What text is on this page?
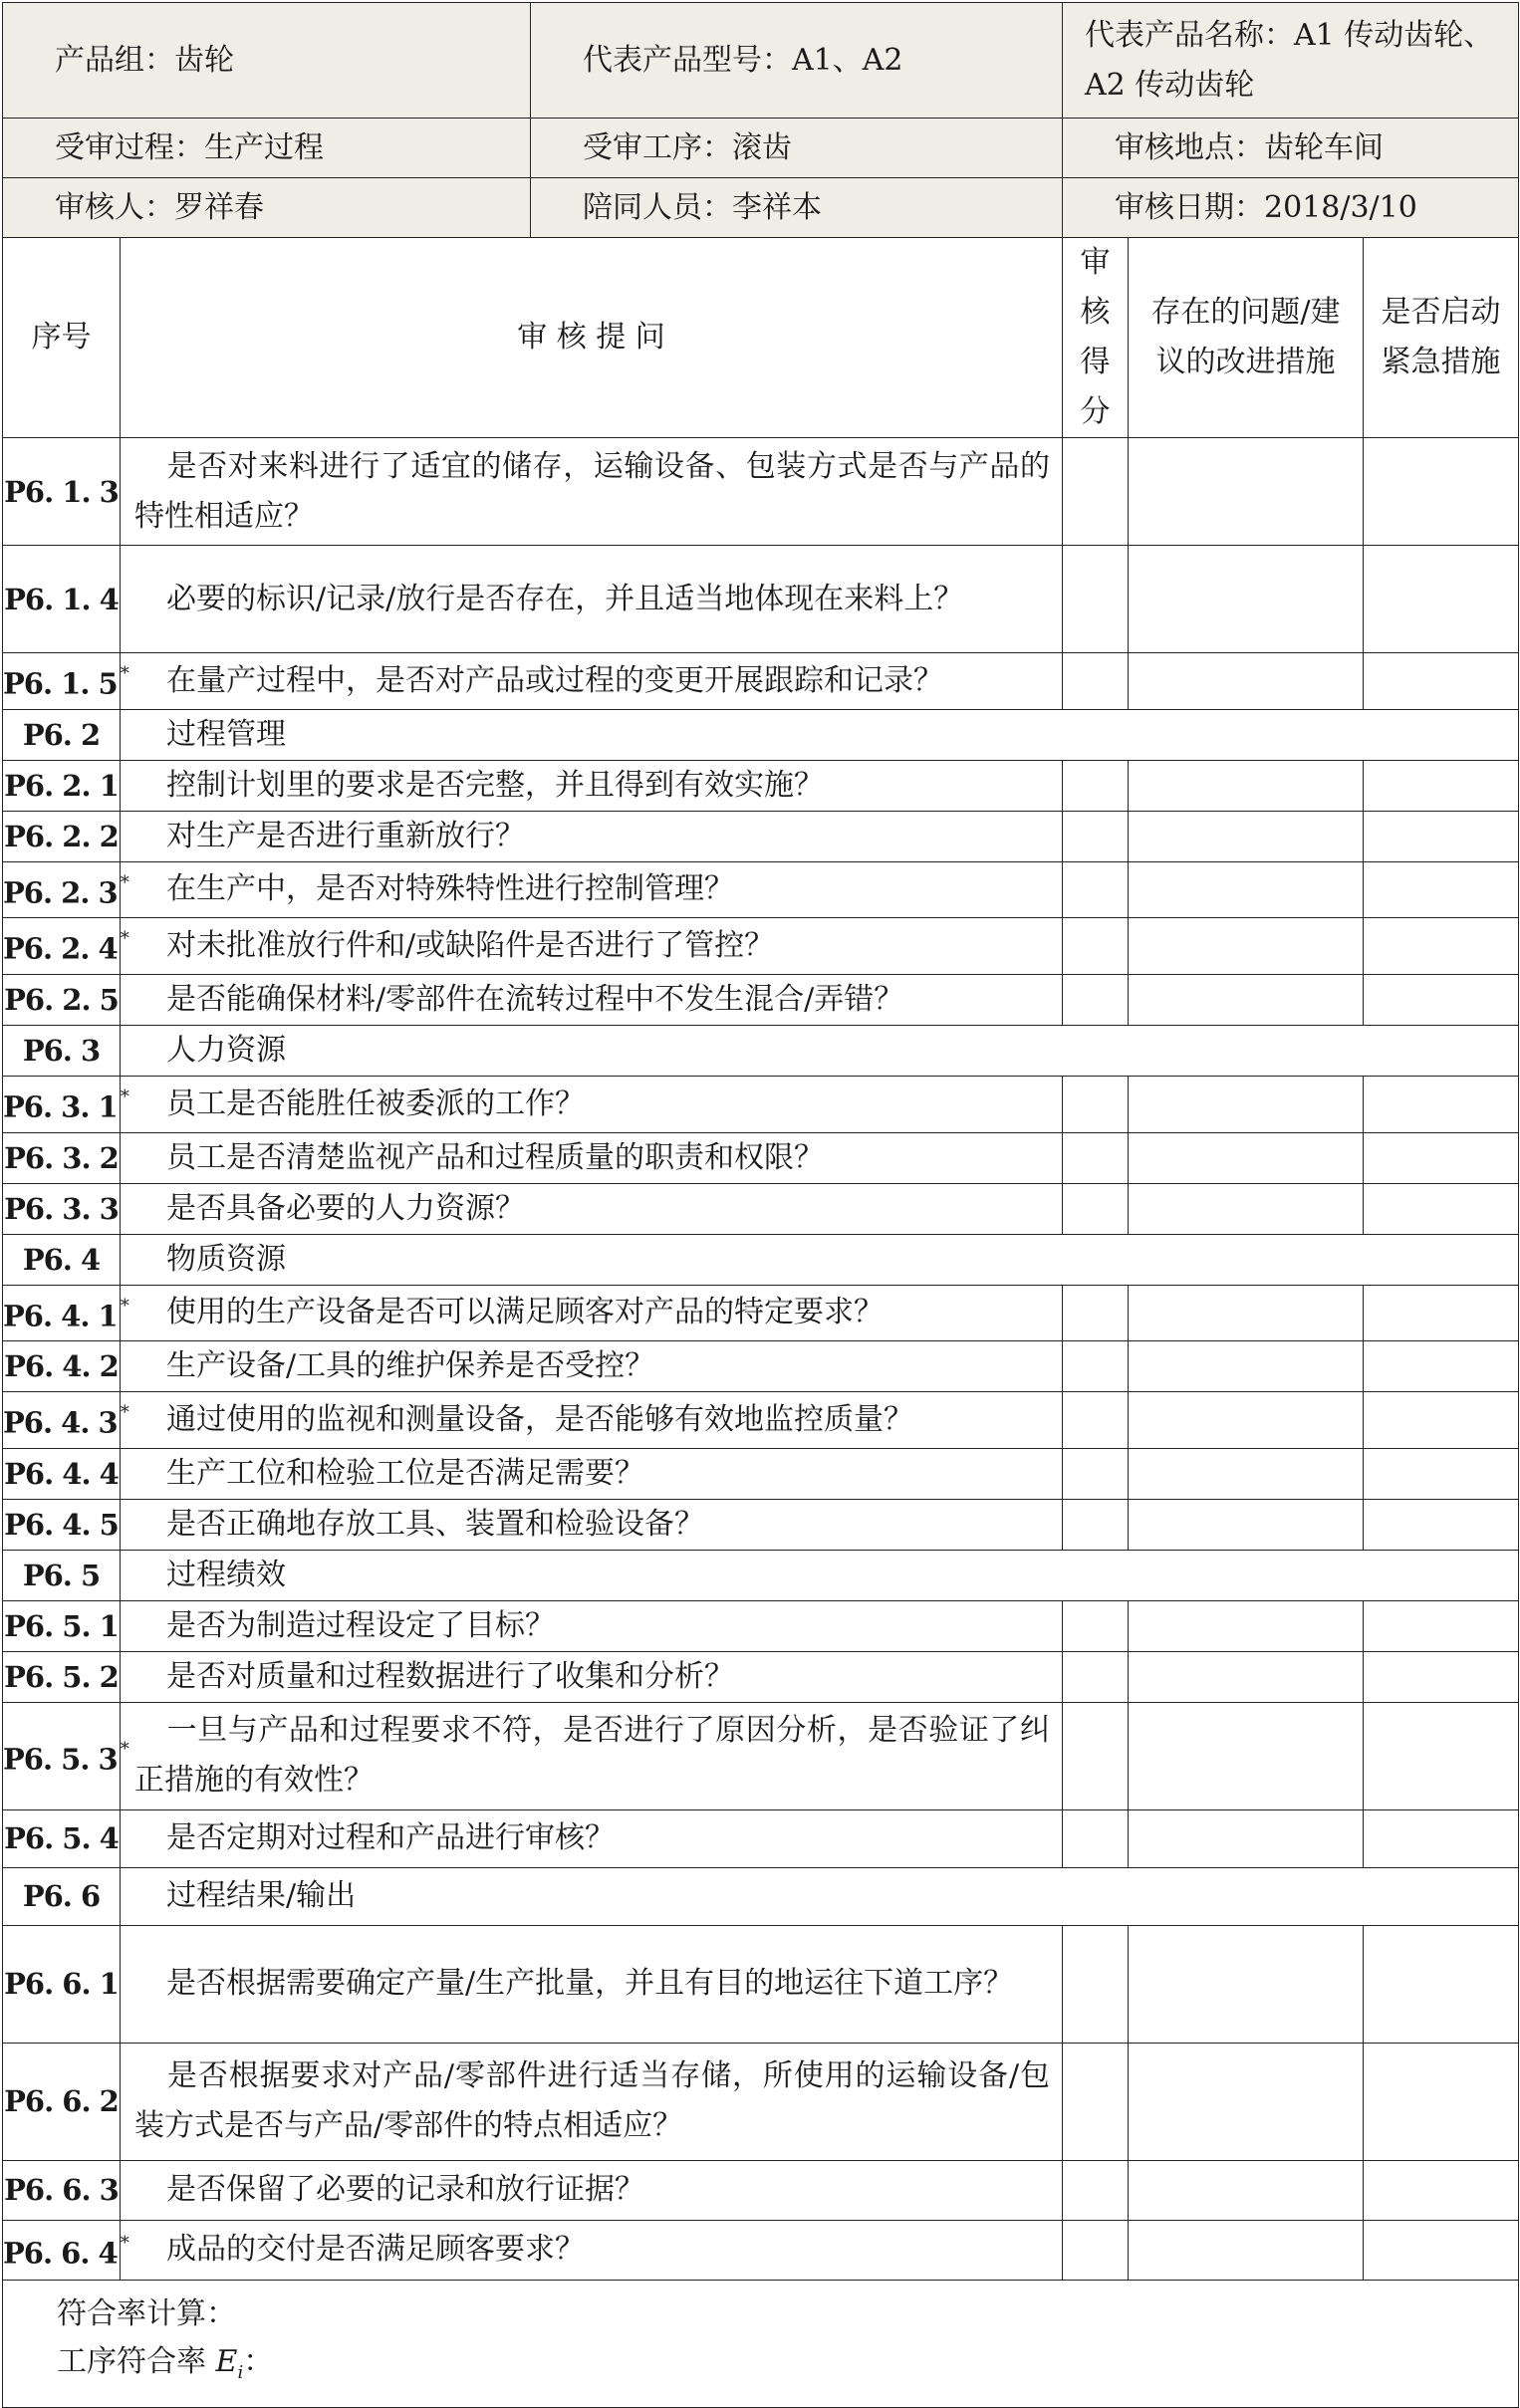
产品组：齿轮		代表产品型号：A1、A2	代表产品名称：A1 传动齿轮、A2 传动齿轮		
受审过程：生产过程		受审工序：滚齿	审核地点：齿轮车间		
审核人：罗祥春		陪同人员：李祥本	审核日期：2018/3/10		
序号	审 核 提 问		审核得分	存在的问题/建议的改进措施	是否启动紧急措施
P6. 1. 3	是否对来料进行了适宜的储存，运输设备、包装方式是否与产品的特性相适应？				
P6. 1. 4	必要的标识/记录/放行是否存在，并且适当地体现在来料上？				
P6. 1. 5 *	在量产过程中，是否对产品或过程的变更开展跟踪和记录？				
P6. 2	过程管理				
P6. 2. 1	控制计划里的要求是否完整，并且得到有效实施？				
P6. 2. 2	对生产是否进行重新放行？				
P6. 2. 3 *	在生产中，是否对特殊特性进行控制管理？				
P6. 2. 4 *	对未批准放行件和/或缺陷件是否进行了管控？				
P6. 2. 5	是否能确保材料/零部件在流转过程中不发生混合/弄错？				
P6. 3	人力资源				
P6. 3. 1 *	员工是否能胜任被委派的工作？				
P6. 3. 2	员工是否清楚监视产品和过程质量的职责和权限？				
P6. 3. 3	是否具备必要的人力资源？				
P6. 4	物质资源				
P6. 4. 1 *	使用的生产设备是否可以满足顾客对产品的特定要求？				
P6. 4. 2	生产设备/工具的维护保养是否受控？				
P6. 4. 3 *	通过使用的监视和测量设备，是否能够有效地监控质量？				
P6. 4. 4	生产工位和检验工位是否满足需要？				
P6. 4. 5	是否正确地存放工具、装置和检验设备？				
P6. 5	过程绩效				
P6. 5. 1	是否为制造过程设定了目标？				
P6. 5. 2	是否对质量和过程数据进行了收集和分析？				
P6. 5. 3 *	一旦与产品和过程要求不符，是否进行了原因分析，是否验证了纠正措施的有效性？				
P6. 5. 4	是否定期对过程和产品进行审核？				
P6. 6	过程结果/输出				
P6. 6. 1	是否根据需要确定产量/生产批量，并且有目的地运往下道工序？				
P6. 6. 2	是否根据要求对产品/零部件进行适当存储，所使用的运输设备/包装方式是否与产品/零部件的特点相适应？				
P6. 6. 3	是否保留了必要的记录和放行证据？				
P6. 6. 4 *	成品的交付是否满足顾客要求？				

符合率计算：
工序符合率 $E_i$：					
